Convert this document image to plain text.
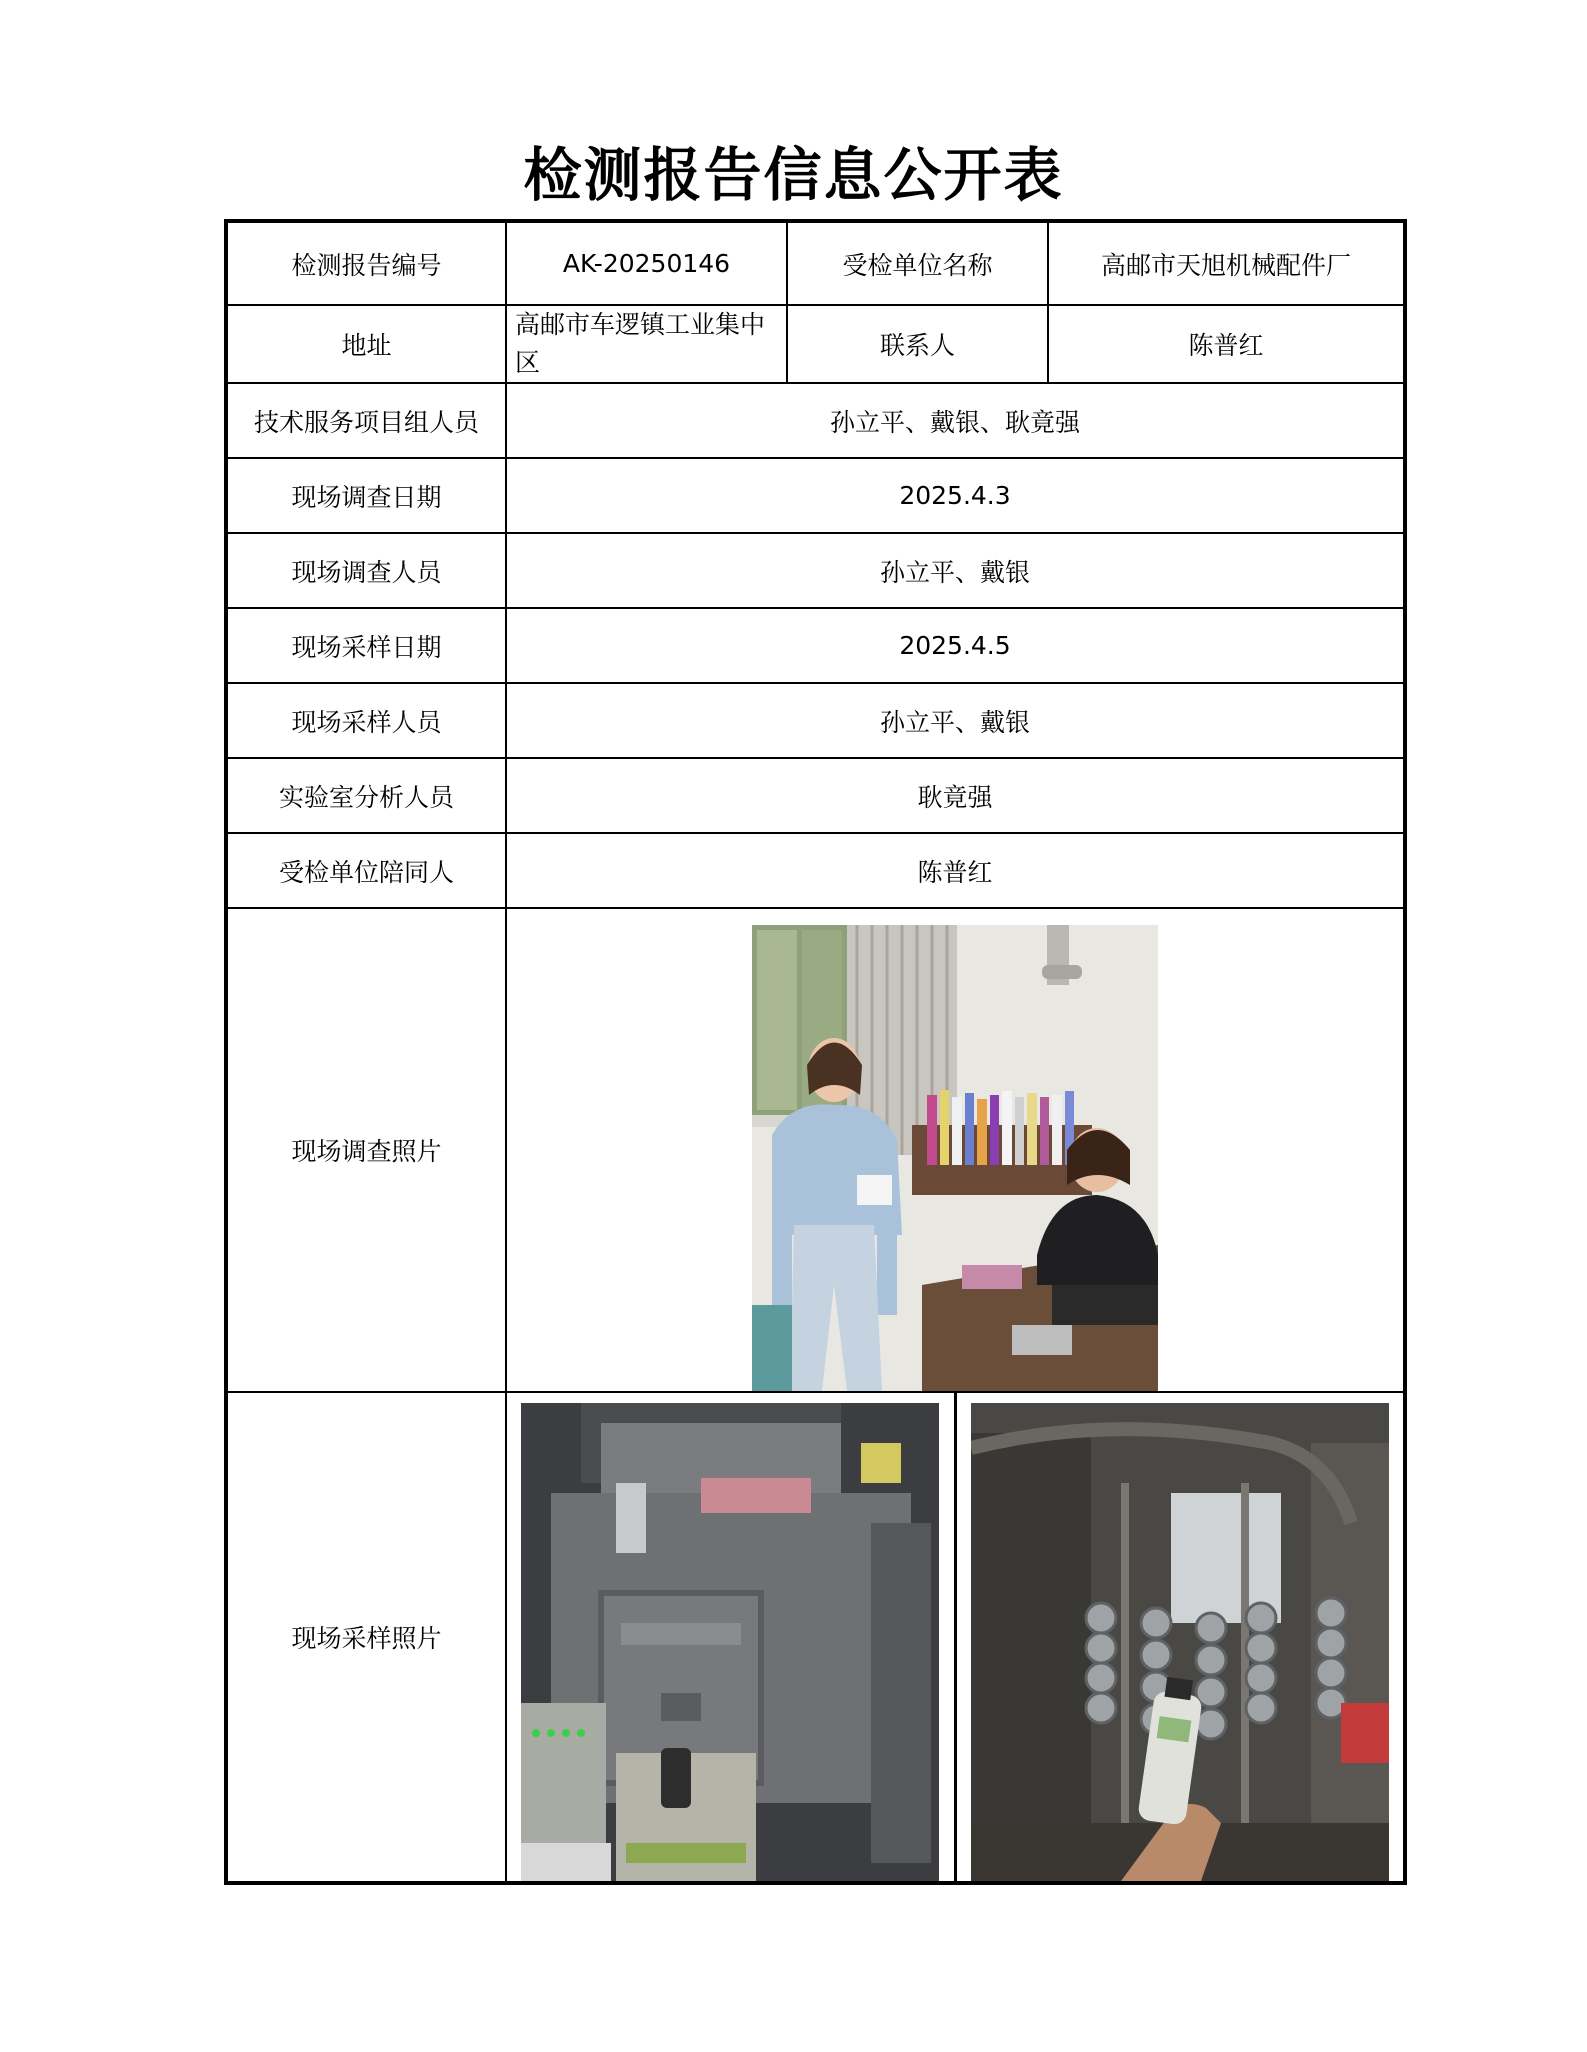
检测报告信息公开表
检测报告编号	AK-20250146	受检单位名称	高邮市天旭机械配件厂
地址	高邮市车逻镇工业集中区	联系人	陈普红
技术服务项目组人员	孙立平、戴银、耿竟强		
现场调查日期	2025.4.3		
现场调查人员	孙立平、戴银		
现场采样日期	2025.4.5		
现场采样人员	孙立平、戴银		
实验室分析人员	耿竟强		
受检单位陪同人	陈普红		
现场调查照片	

现场采样照片	
